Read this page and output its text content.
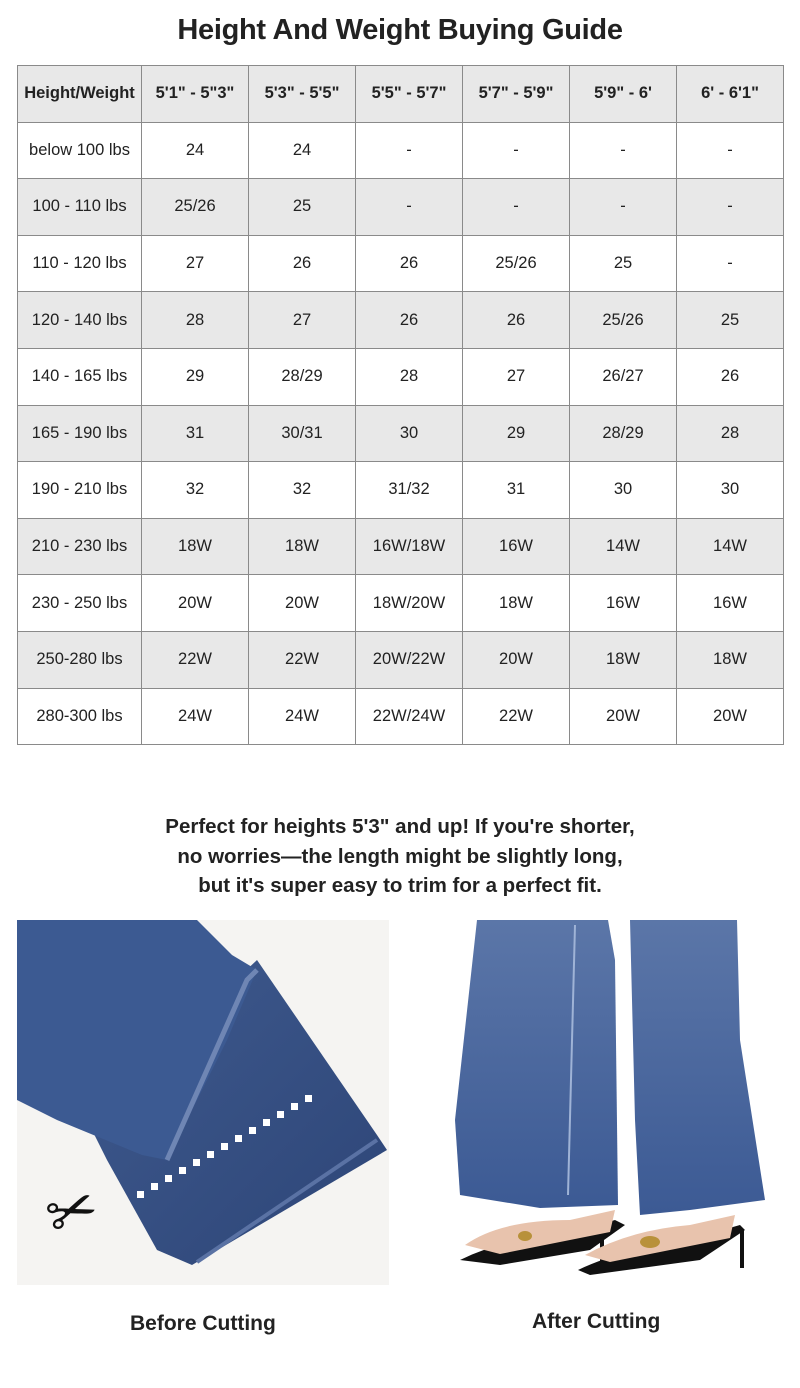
Height And Weight Buying Guide
Height/Weight	5'1" - 5"3"	5'3" - 5'5"	5'5" - 5'7"	5'7" - 5'9"	5'9" - 6'	6' - 6'1"
below 100 lbs	24	24	-	-	-	-
100 - 110 lbs	25/26	25	-	-	-	-
110 - 120 lbs	27	26	26	25/26	25	-
120 - 140 lbs	28	27	26	26	25/26	25
140 - 165 lbs	29	28/29	28	27	26/27	26
165 - 190 lbs	31	30/31	30	29	28/29	28
190 - 210 lbs	32	32	31/32	31	30	30
210 - 230 lbs	18W	18W	16W/18W	16W	14W	14W
230 - 250 lbs	20W	20W	18W/20W	18W	16W	16W
250-280 lbs	22W	22W	20W/22W	20W	18W	18W
280-300 lbs	24W	24W	22W/24W	22W	20W	20W
Perfect for heights 5'3" and up! If you're shorter,
no worries—the length might be slightly long,
but it's super easy to trim for a perfect fit.
✂
Before Cutting	After Cutting
